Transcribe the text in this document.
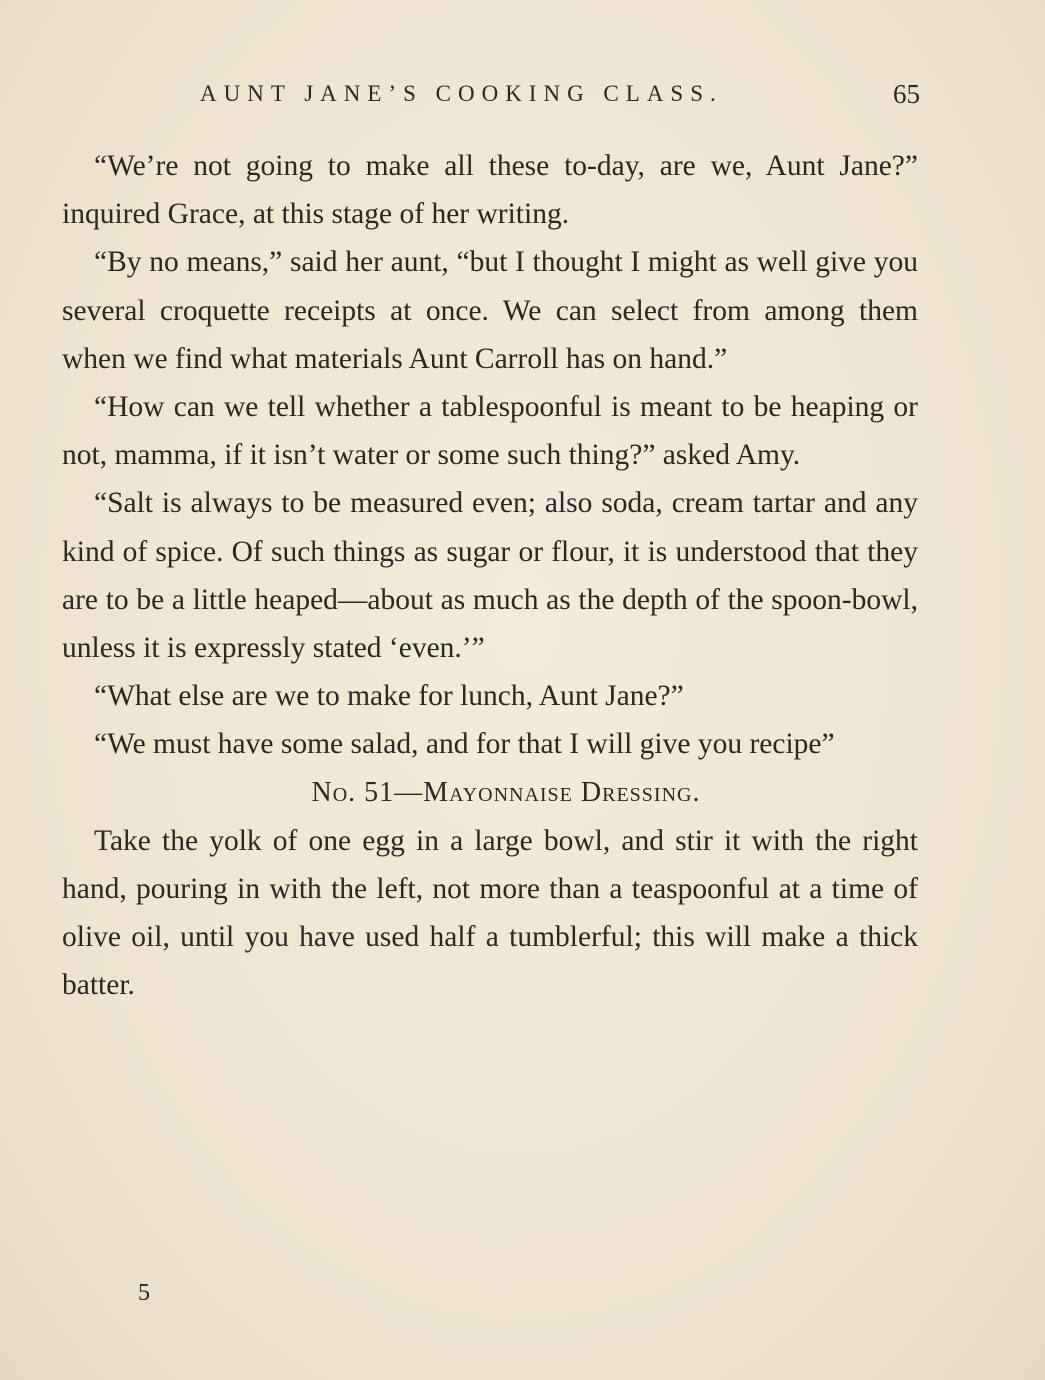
AUNT JANE’S COOKING CLASS.	65

“We’re not going to make all these to-day, are we, Aunt Jane?” inquired Grace, at this stage of her writing.

“By no means,” said her aunt, “but I thought I might as well give you several croquette receipts at once. We can select from among them when we find what materials Aunt Carroll has on hand.”

“How can we tell whether a tablespoonful is meant to be heaping or not, mamma, if it isn’t water or some such thing?” asked Amy.

“Salt is always to be measured even; also soda, cream tartar and any kind of spice. Of such things as sugar or flour, it is understood that they are to be a little heaped—about as much as the depth of the spoon-bowl, unless it is expressly stated ‘even.’”

“What else are we to make for lunch, Aunt Jane?”

“We must have some salad, and for that I will give you recipe”

No. 51—Mayonnaise Dressing.

Take the yolk of one egg in a large bowl, and stir it with the right hand, pouring in with the left, not more than a teaspoonful at a time of olive oil, until you have used half a tumblerful; this will make a thick batter.

5
